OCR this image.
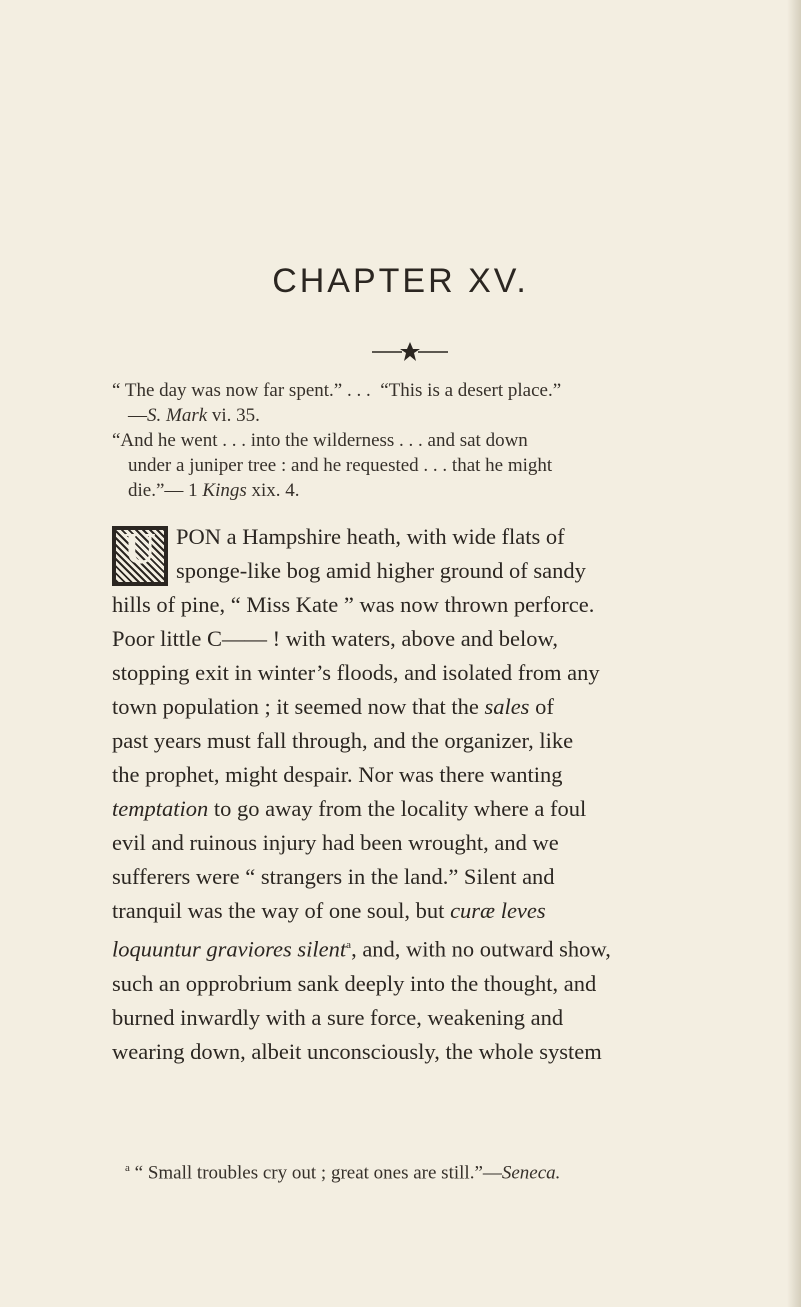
CHAPTER XV.
“ The day was now far spent.” . . . “This is a desert place.”
—S. Mark vi. 35.
“And he went . . . into the wilderness . . . and sat down
under a juniper tree : and he requested . . . that he might
die.”— 1 Kings xix. 4.
U PON a Hampshire heath, with wide flats of
sponge-like bog amid higher ground of sandy
hills of pine, “ Miss Kate ” was now thrown perforce.
Poor little C—— ! with waters, above and below,
stopping exit in winter’s floods, and isolated from any
town population ; it seemed now that the sales of
past years must fall through, and the organizer, like
the prophet, might despair. Nor was there wanting
temptation to go away from the locality where a foul
evil and ruinous injury had been wrought, and we
sufferers were “ strangers in the land.” Silent and
tranquil was the way of one soul, but curæ leves
loquuntur graviores silent$^a$, and, with no outward show,
such an opprobrium sank deeply into the thought, and
burned inwardly with a sure force, weakening and
wearing down, albeit unconsciously, the whole system
$^a$ “ Small troubles cry out ; great ones are still.”—Seneca.
